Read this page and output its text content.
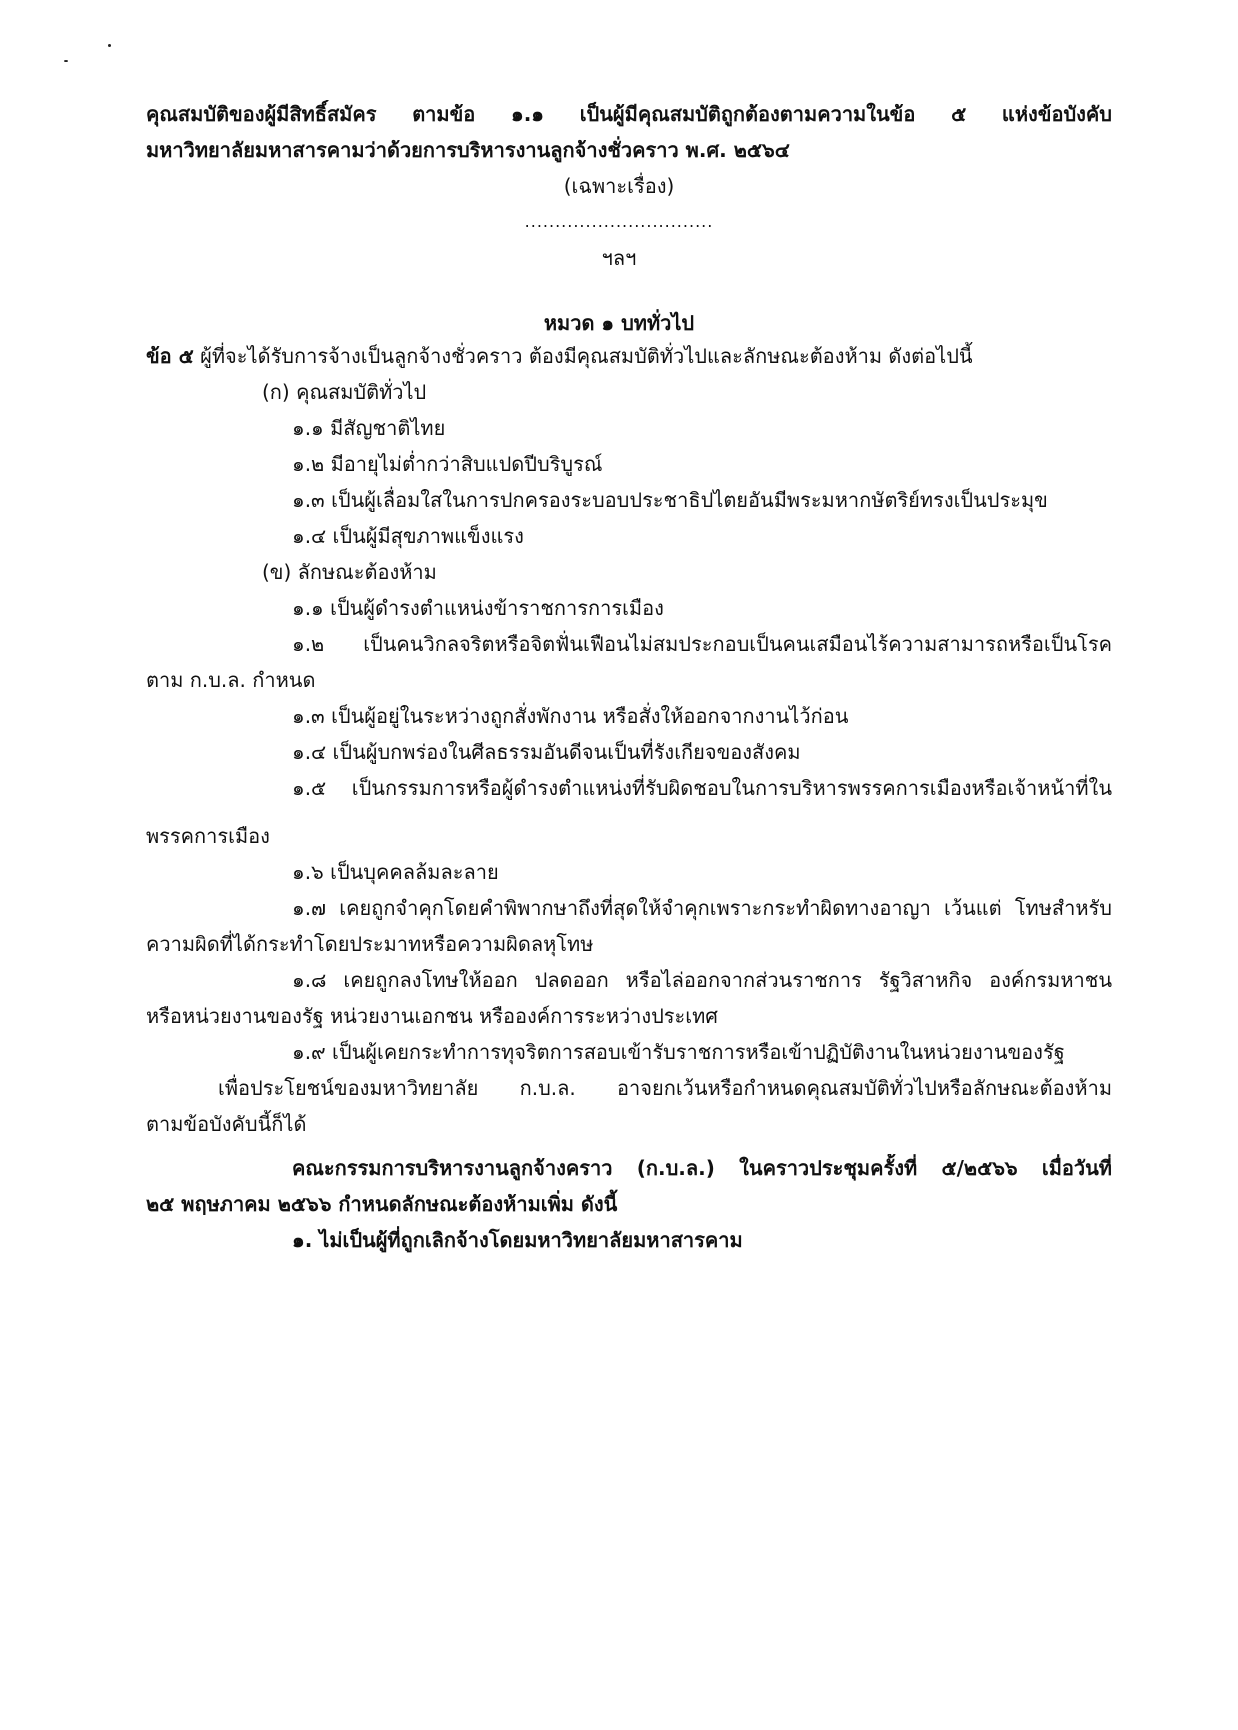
คุณสมบัติของผู้มีสิทธิ์สมัคร ตามข้อ ๑.๑ เป็นผู้มีคุณสมบัติถูกต้องตามความในข้อ ๕ แห่งข้อบังคับ
มหาวิทยาลัยมหาสารคามว่าด้วยการบริหารงานลูกจ้างชั่วคราว พ.ศ. ๒๕๖๔
(เฉพาะเรื่อง)
...............................
ฯลฯ
หมวด ๑ บททั่วไป
ข้อ ๕ ผู้ที่จะได้รับการจ้างเป็นลูกจ้างชั่วคราว ต้องมีคุณสมบัติทั่วไปและลักษณะต้องห้าม ดังต่อไปนี้
(ก) คุณสมบัติทั่วไป
๑.๑ มีสัญชาติไทย
๑.๒ มีอายุไม่ต่ำกว่าสิบแปดปีบริบูรณ์
๑.๓ เป็นผู้เลื่อมใสในการปกครองระบอบประชาธิปไตยอันมีพระมหากษัตริย์ทรงเป็นประมุข
๑.๔ เป็นผู้มีสุขภาพแข็งแรง
(ข) ลักษณะต้องห้าม
๑.๑ เป็นผู้ดำรงตำแหน่งข้าราชการการเมือง
๑.๒ เป็นคนวิกลจริตหรือจิตฟั่นเฟือนไม่สมประกอบเป็นคนเสมือนไร้ความสามารถหรือเป็นโรค
ตาม ก.บ.ล. กำหนด
๑.๓ เป็นผู้อยู่ในระหว่างถูกสั่งพักงาน หรือสั่งให้ออกจากงานไว้ก่อน
๑.๔ เป็นผู้บกพร่องในศีลธรรมอันดีจนเป็นที่รังเกียจของสังคม
๑.๕ เป็นกรรมการหรือผู้ดำรงตำแหน่งที่รับผิดชอบในการบริหารพรรคการเมืองหรือเจ้าหน้าที่ใน
พรรคการเมือง
๑.๖ เป็นบุคคลล้มละลาย
๑.๗ เคยถูกจำคุกโดยคำพิพากษาถึงที่สุดให้จำคุกเพราะกระทำผิดทางอาญา เว้นแต่ โทษสำหรับ
ความผิดที่ได้กระทำโดยประมาทหรือความผิดลหุโทษ
๑.๘ เคยถูกลงโทษให้ออก ปลดออก หรือไล่ออกจากส่วนราชการ รัฐวิสาหกิจ องค์กรมหาชน
หรือหน่วยงานของรัฐ หน่วยงานเอกชน หรือองค์การระหว่างประเทศ
๑.๙ เป็นผู้เคยกระทำการทุจริตการสอบเข้ารับราชการหรือเข้าปฏิบัติงานในหน่วยงานของรัฐ
เพื่อประโยชน์ของมหาวิทยาลัย ก.บ.ล. อาจยกเว้นหรือกำหนดคุณสมบัติทั่วไปหรือลักษณะต้องห้าม
ตามข้อบังคับนี้ก็ได้
คณะกรรมการบริหารงานลูกจ้างคราว (ก.บ.ล.) ในคราวประชุมครั้งที่ ๕/๒๕๖๖ เมื่อวันที่
๒๕ พฤษภาคม ๒๕๖๖ กำหนดลักษณะต้องห้ามเพิ่ม ดังนี้
๑. ไม่เป็นผู้ที่ถูกเลิกจ้างโดยมหาวิทยาลัยมหาสารคาม
